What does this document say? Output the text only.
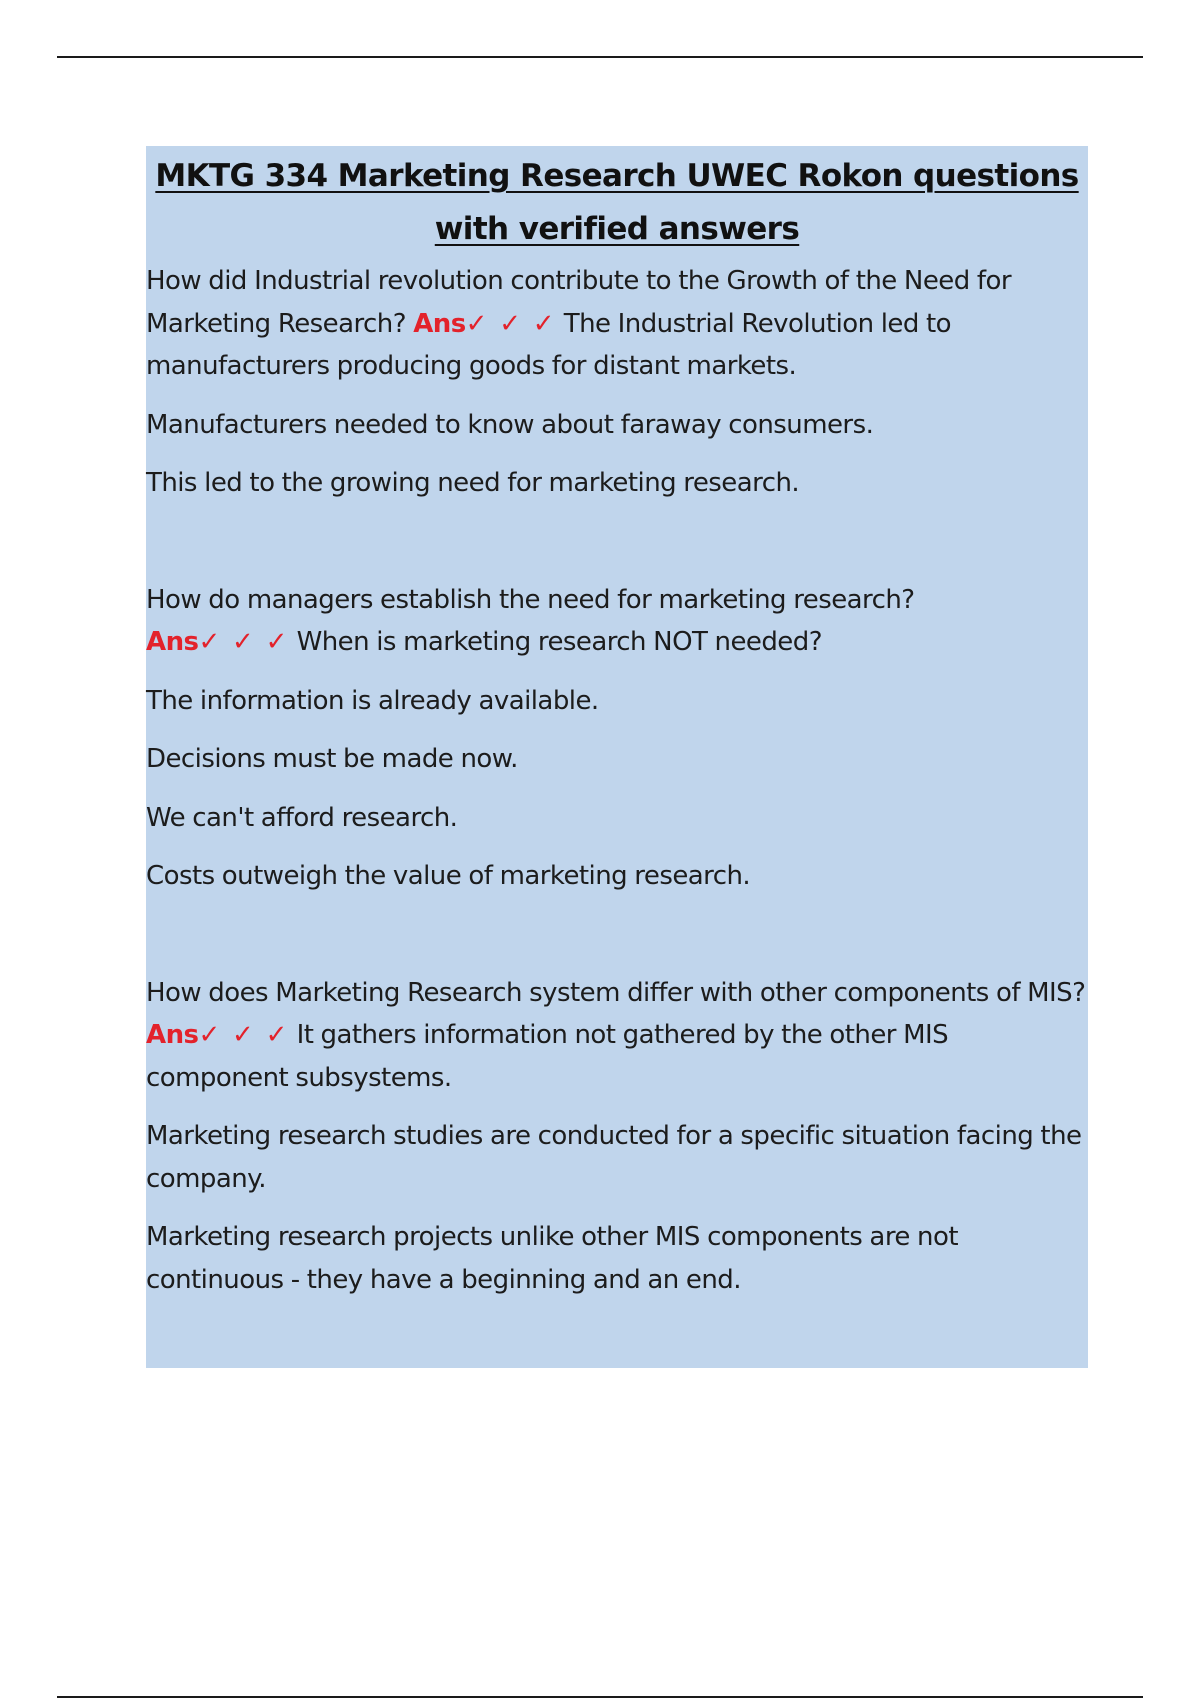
MKTG 334 Marketing Research UWEC Rokon questions with verified answers

How did Industrial revolution contribute to the Growth of the Need for Marketing Research? Ans✓ ✓ ✓ The Industrial Revolution led to manufacturers producing goods for distant markets.

Manufacturers needed to know about faraway consumers.

This led to the growing need for marketing research.

How do managers establish the need for marketing research?
Ans✓ ✓ ✓ When is marketing research NOT needed?

The information is already available.

Decisions must be made now.

We can't afford research.

Costs outweigh the value of marketing research.

How does Marketing Research system differ with other components of MIS? Ans✓ ✓ ✓ It gathers information not gathered by the other MIS component subsystems.

Marketing research studies are conducted for a specific situation facing the company.

Marketing research projects unlike other MIS components are not continuous - they have a beginning and an end.
